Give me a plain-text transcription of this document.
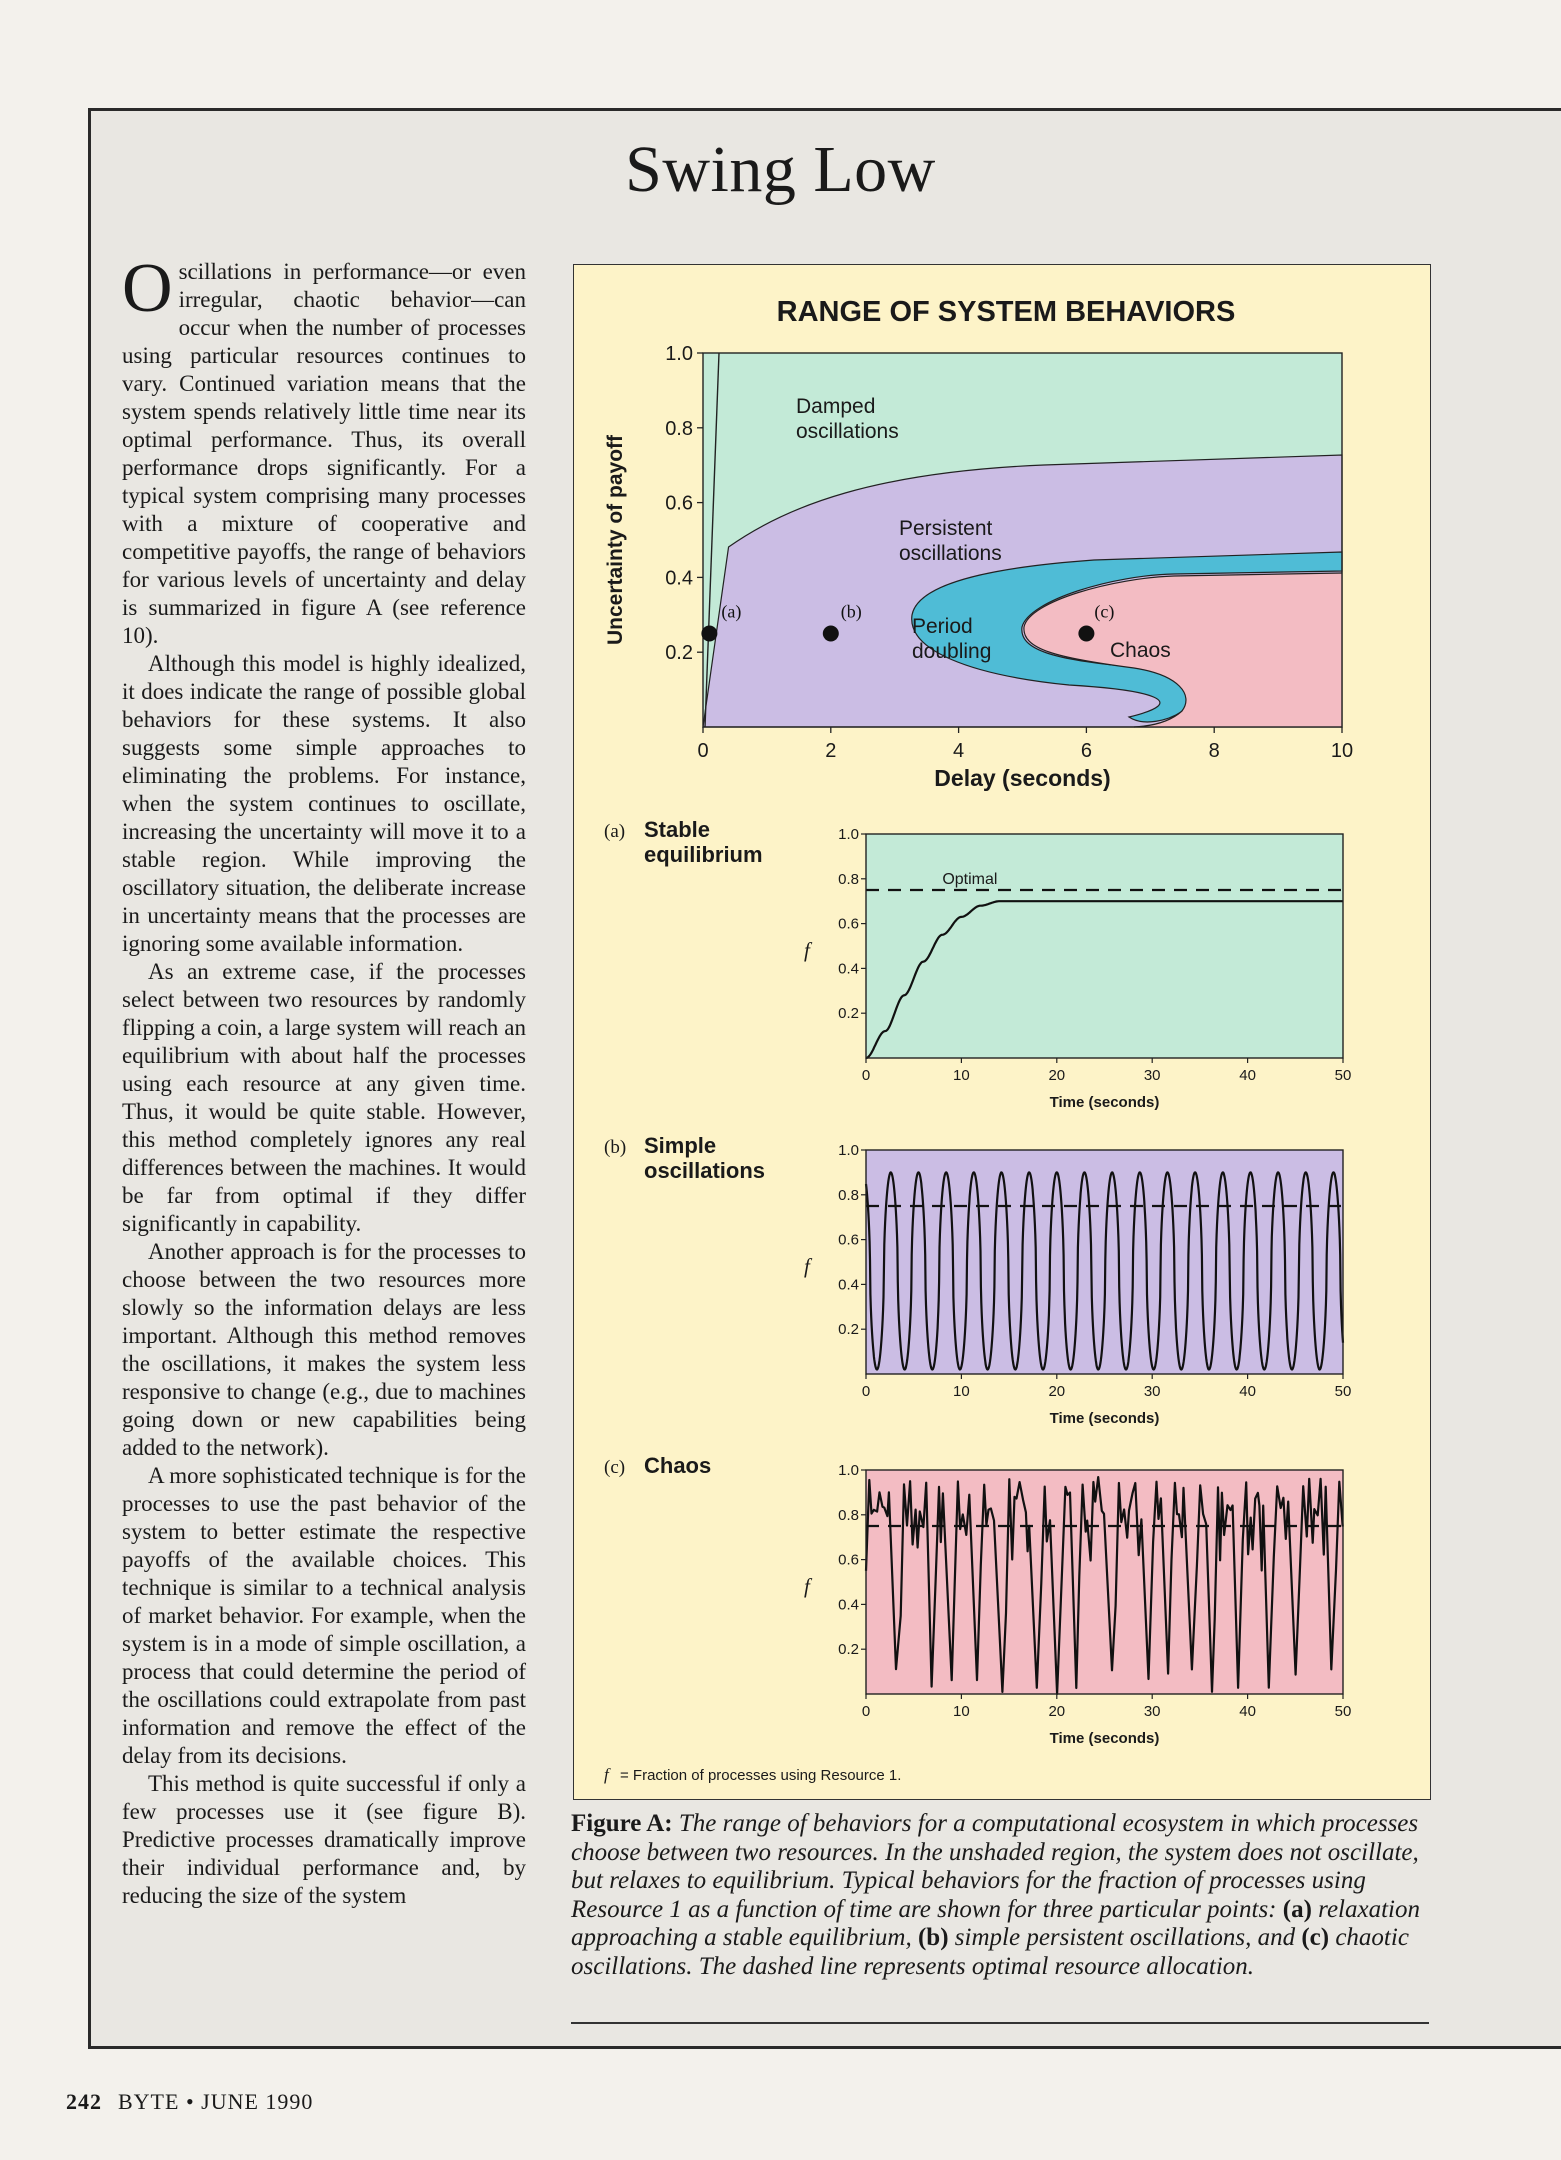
Swing Low

Oscillations in performance—or even irregular, chaotic behavior—can occur when the number of processes using particular resources continues to vary. Continued variation means that the system spends relatively little time near its optimal performance. Thus, its overall performance drops significantly. For a typical system comprising many processes with a mixture of cooperative and competitive payoffs, the range of behaviors for various levels of uncertainty and delay is summarized in figure A (see reference 10).

Although this model is highly idealized, it does indicate the range of possible global behaviors for these systems. It also suggests some simple approaches to eliminating the problems. For instance, when the system continues to oscillate, increasing the uncertainty will move it to a stable region. While improving the oscillatory situation, the deliberate increase in uncertainty means that the processes are ignoring some available information.

As an extreme case, if the processes select between two resources by randomly flipping a coin, a large system will reach an equilibrium with about half the processes using each resource at any given time. Thus, it would be quite stable. However, this method completely ignores any real differences between the machines. It would be far from optimal if they differ significantly in capability.

Another approach is for the processes to choose between the two resources more slowly so the information delays are less important. Although this method removes the oscillations, it makes the system less responsive to change (e.g., due to machines going down or new capabilities being added to the network).

A more sophisticated technique is for the processes to use the past behavior of the system to better estimate the respective payoffs of the available choices. This technique is similar to a technical analysis of market behavior. For example, when the system is in a mode of simple oscillation, a process that could determine the period of the oscillations could extrapolate from past information and remove the effect of the delay from its decisions.

This method is quite successful if only a few processes use it (see figure B). Predictive processes dramatically improve their individual performance and, by reducing the size of the system

RANGE OF SYSTEM BEHAVIORS
Damped
oscillations
Persistent
oscillations
Period
doubling	Chaos
(a)	(b)	(c)
0.2
0.4
0.6
0.8
1.0
0	2	4	6	8	10
Delay (seconds)
Uncertainty of payoff
(a) Stable
equilibrium
Optimal
0.2
0.4
0.6
0.8
1.0
0	10	20	30	40	50
Time (seconds)
f
(b) Simple
oscillations
0.2
0.4
0.6
0.8
1.0
0	10	20	30	40	50
Time (seconds)
f
(c) Chaos
0.2
0.4
0.6
0.8
1.0
0	10	20	30	40	50
Time (seconds)
f
f = Fraction of processes using Resource 1.
Figure A: The range of behaviors for a computational ecosystem in which processes choose between two resources. In the unshaded region, the system does not oscillate, but relaxes to equilibrium. Typical behaviors for the fraction of processes using Resource 1 as a function of time are shown for three particular points: (a) relaxation approaching a stable equilibrium, (b) simple persistent oscillations, and (c) chaotic oscillations. The dashed line represents optimal resource allocation.
242 BYTE • JUNE 1990
